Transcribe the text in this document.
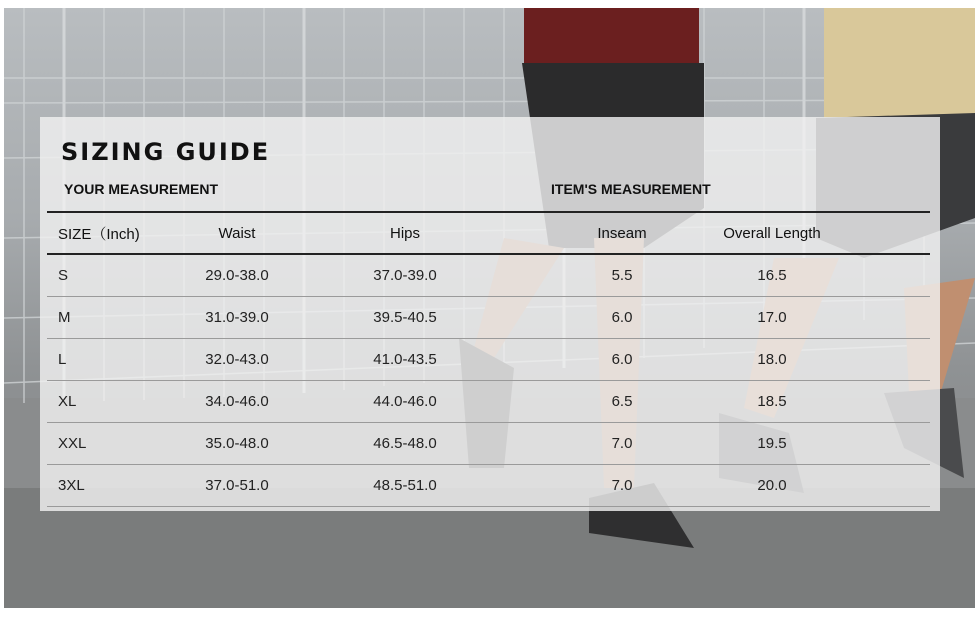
SIZING GUIDE
YOUR MEASUREMENT	ITEM'S MEASUREMENT
SIZE（Inch)	Waist	Hips	Inseam	Overall Length
S	29.0-38.0	37.0-39.0	5.5	16.5
M	31.0-39.0	39.5-40.5	6.0	17.0
L	32.0-43.0	41.0-43.5	6.0	18.0
XL	34.0-46.0	44.0-46.0	6.5	18.5
XXL	35.0-48.0	46.5-48.0	7.0	19.5
3XL	37.0-51.0	48.5-51.0	7.0	20.0
